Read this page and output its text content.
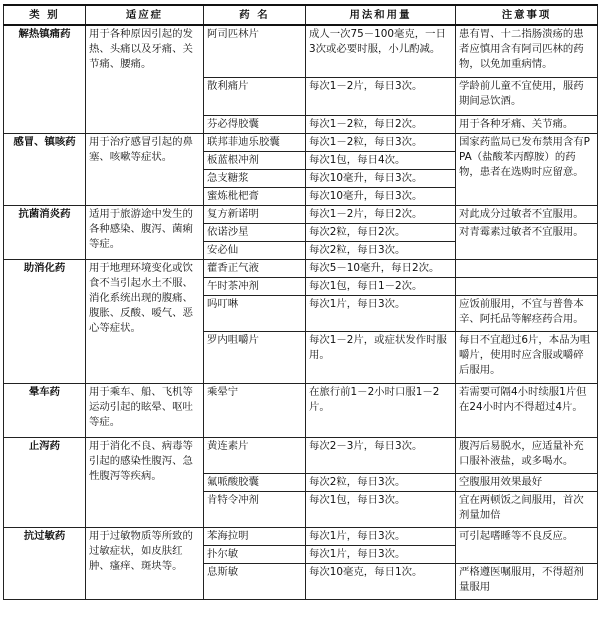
类 别	适应症	药 名	用法和用量	注意事项
解热镇痛药	用于各种原因引起的发热、头痛以及牙痛、关节痛、腰痛。	阿司匹林片	成人一次75－100毫克，一日3次或必要时服，小儿酌减。	患有胃、十二指肠溃疡的患者应慎用含有阿司匹林的药物，以免加重病情。
		散利痛片	每次1－2片，每日3次。	学龄前儿童不宜使用，服药期间忌饮酒。
		芬必得胶囊	每次1－2粒，每日2次。	用于各种牙痛、关节痛。
感冒、镇咳药	用于治疗感冒引起的鼻塞、咳嗽等症状。	联邦菲迪乐胶囊	每次1－2粒，每日3次。	国家药监局已发布禁用含有PPA（盐酸苯丙醇胺）的药物，患者在选购时应留意。
		板蓝根冲剂	每次1包，每日4次。	
		急支糖浆	每次10毫升，每日3次。	
		蜜炼枇杷膏	每次10毫升，每日3次。	
抗菌消炎药	适用于旅游途中发生的各种感染、腹泻、菌痢等症。	复方新诺明	每次1－2片，每日2次。	对此成分过敏者不宜服用。
		依诺沙星	每次2粒，每日2次。	对青霉素过敏者不宜服用。
		安必仙	每次2粒，每日3次。	
助消化药	用于地理环境变化或饮食不当引起水土不服、消化系统出现的腹痛、腹胀、反酸、嗳气、恶心等症状。	藿香正气液	每次5－10毫升，每日2次。	
		午时茶冲剂	每次1包，每日1－2次。	
		吗叮啉	每次1片，每日3次。	应饭前服用，不宜与普鲁本辛、阿托品等解痉药合用。
		罗内咀嚼片	每次1－2片，或症状发作时服用。	每日不宜超过6片，本品为咀嚼片，使用时应含服或嚼碎后服用。
晕车药	用于乘车、船、飞机等运动引起的眩晕、呕吐等症。	乘晕宁	在旅行前1－2小时口服1－2片。	若需要可隔4小时续服1片但在24小时内不得超过4片。
止泻药	用于消化不良、病毒等引起的感染性腹泻、急性腹泻等疾病。	黄连素片	每次2－3片，每日3次。	腹泻后易脱水，应适量补充口服补液盐，或多喝水。
		氟哌酸胶囊	每次2粒，每日3次。	空腹服用效果最好
		肯特令冲剂	每次1包，每日3次。	宜在两顿饭之间服用，首次剂量加倍
抗过敏药	用于过敏物质等所致的过敏症状，如皮肤红肿、瘙痒、斑块等。	苯海拉明	每次1片，每日3次。	可引起嗜睡等不良反应。
		扑尔敏	每次1片，每日3次。	
		息斯敏	每次10毫克，每日1次。	严格遵医嘱服用，不得超剂量服用
